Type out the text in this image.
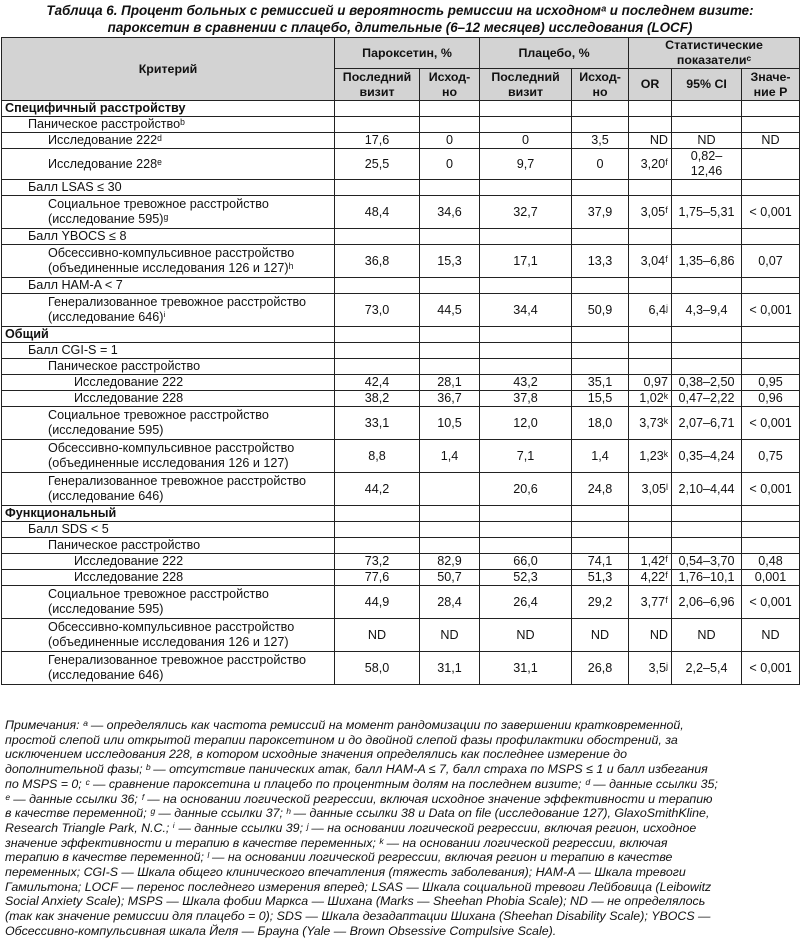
Таблица 6. Процент больных с ремиссией и вероятность ремиссии на исходномᵃ и последнем визите:
пароксетин в сравнении с плацебо, длительные (6–12 месяцев) исследования (LOCF)
Критерий	Пароксетин, %		Плацебо, %		Статистические показателиᶜ		
	Последний визит	Исход-но	Последний визит	Исход-но	OR	95% CI	Значе-ние P
Специфичный расстройству							
Паническое расстройствоᵇ							
Исследование 222ᵈ	17,6	0	0	3,5	ND	ND	ND
Исследование 228ᵉ	25,5	0	9,7	0	3,20ᶠ	0,82–12,46	
Балл LSAS ≤ 30							
Социальное тревожное расстройство (исследование 595)ᵍ	48,4	34,6	32,7	37,9	3,05ᶠ	1,75–5,31	< 0,001
Балл YBOCS ≤ 8							
Обсессивно-компульсивное расстройство (объединенные исследования 126 и 127)ʰ	36,8	15,3	17,1	13,3	3,04ᶠ	1,35–6,86	0,07
Балл HAM-A < 7							
Генерализованное тревожное расстройство (исследование 646)ⁱ	73,0	44,5	34,4	50,9	6,4ʲ	4,3–9,4	< 0,001
Общий							
Балл CGI-S = 1							
Паническое расстройство							
Исследование 222	42,4	28,1	43,2	35,1	0,97	0,38–2,50	0,95
Исследование 228	38,2	36,7	37,8	15,5	1,02ᵏ	0,47–2,22	0,96
Социальное тревожное расстройство (исследование 595)	33,1	10,5	12,0	18,0	3,73ᵏ	2,07–6,71	< 0,001
Обсессивно-компульсивное расстройство (объединенные исследования 126 и 127)	8,8	1,4	7,1	1,4	1,23ᵏ	0,35–4,24	0,75
Генерализованное тревожное расстройство (исследование 646)	44,2		20,6	24,8	3,05ˡ	2,10–4,44	< 0,001
Функциональный							
Балл SDS < 5							
Паническое расстройство							
Исследование 222	73,2	82,9	66,0	74,1	1,42ᶠ	0,54–3,70	0,48
Исследование 228	77,6	50,7	52,3	51,3	4,22ᶠ	1,76–10,1	0,001
Социальное тревожное расстройство (исследование 595)	44,9	28,4	26,4	29,2	3,77ᶠ	2,06–6,96	< 0,001
Обсессивно-компульсивное расстройство (объединенные исследования 126 и 127)	ND	ND	ND	ND	ND	ND	ND
Генерализованное тревожное расстройство (исследование 646)	58,0	31,1	31,1	26,8	3,5ʲ	2,2–5,4	< 0,001
Примечания: ᵃ — определялись как частота ремиссий на момент рандомизации по завершении кратковременной,
простой слепой или открытой терапии пароксетином и до двойной слепой фазы профилактики обострений, за
исключением исследования 228, в котором исходные значения определялись как последнее измерение до
дополнительной фазы; ᵇ — отсутствие панических атак, балл HAM-A ≤ 7, балл страха по MSPS ≤ 1 и балл избегания
по MSPS = 0; ᶜ — сравнение пароксетина и плацебо по процентным долям на последнем визите; ᵈ — данные ссылки 35;
ᵉ — данные ссылки 36; ᶠ — на основании логической регрессии, включая исходное значение эффективности и терапию
в качестве переменной; ᵍ — данные ссылки 37; ʰ — данные ссылки 38 и Data on file (исследование 127), GlaxoSmithKline,
Research Triangle Park, N.C.; ⁱ — данные ссылки 39; ʲ — на основании логической регрессии, включая регион, исходное
значение эффективности и терапию в качестве переменных; ᵏ — на основании логической регрессии, включая
терапию в качестве переменной; ˡ — на основании логической регрессии, включая регион и терапию в качестве
переменных; CGI-S — Шкала общего клинического впечатления (тяжесть заболевания); HAM-A — Шкала тревоги
Гамильтона; LOCF — перенос последнего измерения вперед; LSAS — Шкала социальной тревоги Лейбовица (Leibowitz
Social Anxiety Scale); MSPS — Шкала фобии Маркса — Шихана (Marks — Sheehan Phobia Scale); ND — не определялось
(так как значение ремиссии для плацебо = 0); SDS — Шкала дезадаптации Шихана (Sheehan Disability Scale); YBOCS —
Обсессивно-компульсивная шкала Йеля — Брауна (Yale — Brown Obsessive Compulsive Scale).
